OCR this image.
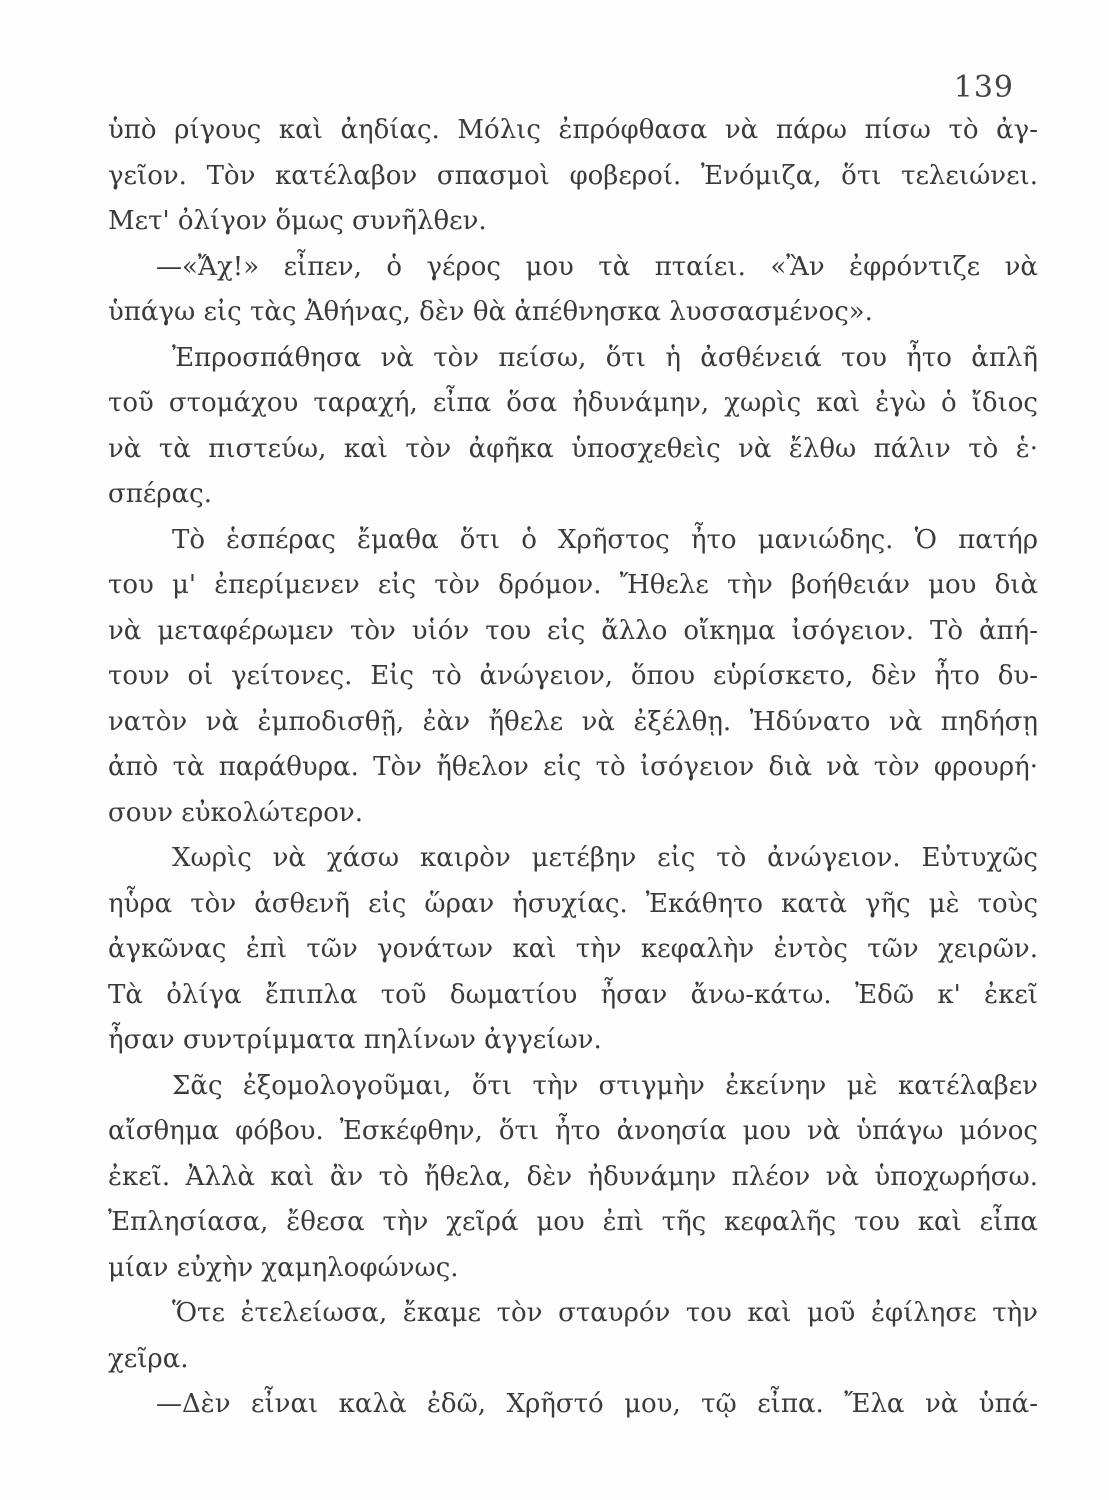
139
ὑπὸ ρίγους καὶ ἀηδίας. Μόλις ἐπρόφθασα νὰ πάρω πίσω τὸ ἀγ-
γεῖον. Τὸν κατέλαβον σπασμοὶ φοβεροί. Ἐνόμιζα, ὅτι τελειώνει.
Μετ' ὀλίγον ὅμως συνῆλθεν.
—«Ἄχ!» εἶπεν, ὁ γέρος μου τὰ πταίει. «Ἂν ἐφρόντιζε νὰ
ὑπάγω εἰς τὰς Ἀθήνας, δὲν θὰ ἀπέθνησκα λυσσασμένος».
Ἐπροσπάθησα νὰ τὸν πείσω, ὅτι ἡ ἀσθένειά του ἦτο ἁπλῆ
τοῦ στομάχου ταραχή, εἶπα ὅσα ἠδυνάμην, χωρὶς καὶ ἐγὼ ὁ ἴδιος
νὰ τὰ πιστεύω, καὶ τὸν ἀφῆκα ὑποσχεθεὶς νὰ ἔλθω πάλιν τὸ ἑ·
σπέρας.
Τὸ ἑσπέρας ἔμαθα ὅτι ὁ Χρῆστος ἦτο μανιώδης. Ὁ πατήρ
του μ' ἐπερίμενεν εἰς τὸν δρόμον. Ἤθελε τὴν βοήθειάν μου διὰ
νὰ μεταφέρωμεν τὸν υἱόν του εἰς ἄλλο οἴκημα ἰσόγειον. Τὸ ἀπή-
τουν οἱ γείτονες. Εἰς τὸ ἀνώγειον, ὅπου εὑρίσκετο, δὲν ἦτο δυ-
νατὸν νὰ ἐμποδισθῇ, ἐὰν ἤθελε νὰ ἐξέλθῃ. Ἠδύνατο νὰ πηδήσῃ
ἀπὸ τὰ παράθυρα. Τὸν ἤθελον εἰς τὸ ἰσόγειον διὰ νὰ τὸν φρουρή·
σουν εὐκολώτερον.
Χωρὶς νὰ χάσω καιρὸν μετέβην εἰς τὸ ἀνώγειον. Εὐτυχῶς
ηὗρα τὸν ἀσθενῆ εἰς ὥραν ἡσυχίας. Ἐκάθητο κατὰ γῆς μὲ τοὺς
ἀγκῶνας ἐπὶ τῶν γονάτων καὶ τὴν κεφαλὴν ἐντὸς τῶν χειρῶν.
Τὰ ὀλίγα ἔπιπλα τοῦ δωματίου ἦσαν ἄνω-κάτω. Ἐδῶ κ' ἐκεῖ
ἦσαν συντρίμματα πηλίνων ἀγγείων.
Σᾶς ἐξομολογοῦμαι, ὅτι τὴν στιγμὴν ἐκείνην μὲ κατέλαβεν
αἴσθημα φόβου. Ἐσκέφθην, ὅτι ἦτο ἀνοησία μου νὰ ὑπάγω μόνος
ἐκεῖ. Ἀλλὰ καὶ ἂν τὸ ἤθελα, δὲν ἠδυνάμην πλέον νὰ ὑποχωρήσω.
Ἐπλησίασα, ἔθεσα τὴν χεῖρά μου ἐπὶ τῆς κεφαλῆς του καὶ εἶπα
μίαν εὐχὴν χαμηλοφώνως.
Ὅτε ἐτελείωσα, ἔκαμε τὸν σταυρόν του καὶ μοῦ ἐφίλησε τὴν
χεῖρα.
—Δὲν εἶναι καλὰ ἐδῶ, Χρῆστό μου, τῷ εἶπα. Ἔλα νὰ ὑπά-
